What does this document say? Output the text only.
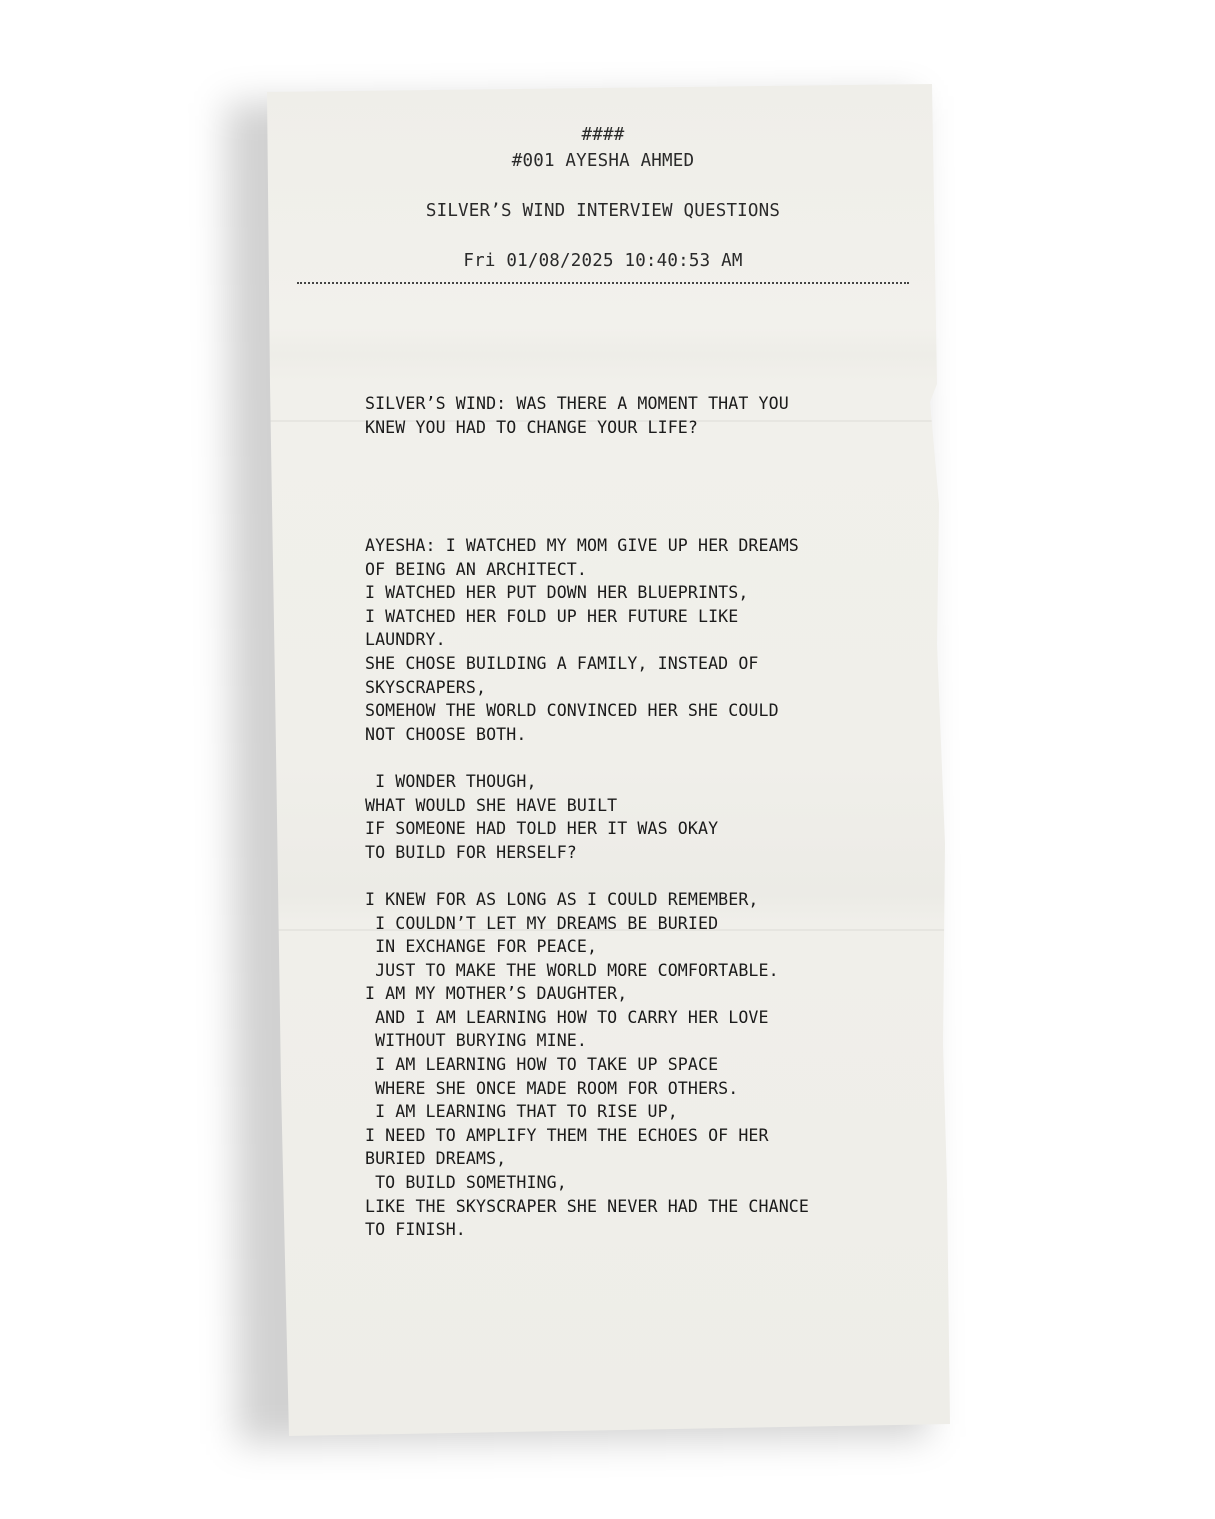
####
#001 AYESHA AHMED
SILVER’S WIND INTERVIEW QUESTIONS
Fri 01/08/2025 10:40:53 AM
SILVER’S WIND: WAS THERE A MOMENT THAT YOU
KNEW YOU HAD TO CHANGE YOUR LIFE?
AYESHA: I WATCHED MY MOM GIVE UP HER DREAMS
OF BEING AN ARCHITECT.
I WATCHED HER PUT DOWN HER BLUEPRINTS,
I WATCHED HER FOLD UP HER FUTURE LIKE
LAUNDRY.
SHE CHOSE BUILDING A FAMILY, INSTEAD OF
SKYSCRAPERS,
SOMEHOW THE WORLD CONVINCED HER SHE COULD
NOT CHOOSE BOTH.

I WONDER THOUGH,
WHAT WOULD SHE HAVE BUILT
IF SOMEONE HAD TOLD HER IT WAS OKAY
TO BUILD FOR HERSELF?

I KNEW FOR AS LONG AS I COULD REMEMBER,
I COULDN’T LET MY DREAMS BE BURIED
IN EXCHANGE FOR PEACE,
JUST TO MAKE THE WORLD MORE COMFORTABLE.
I AM MY MOTHER’S DAUGHTER,
AND I AM LEARNING HOW TO CARRY HER LOVE
WITHOUT BURYING MINE.
I AM LEARNING HOW TO TAKE UP SPACE
WHERE SHE ONCE MADE ROOM FOR OTHERS.
I AM LEARNING THAT TO RISE UP,
I NEED TO AMPLIFY THEM THE ECHOES OF HER
BURIED DREAMS,
TO BUILD SOMETHING,
LIKE THE SKYSCRAPER SHE NEVER HAD THE CHANCE
TO FINISH.
